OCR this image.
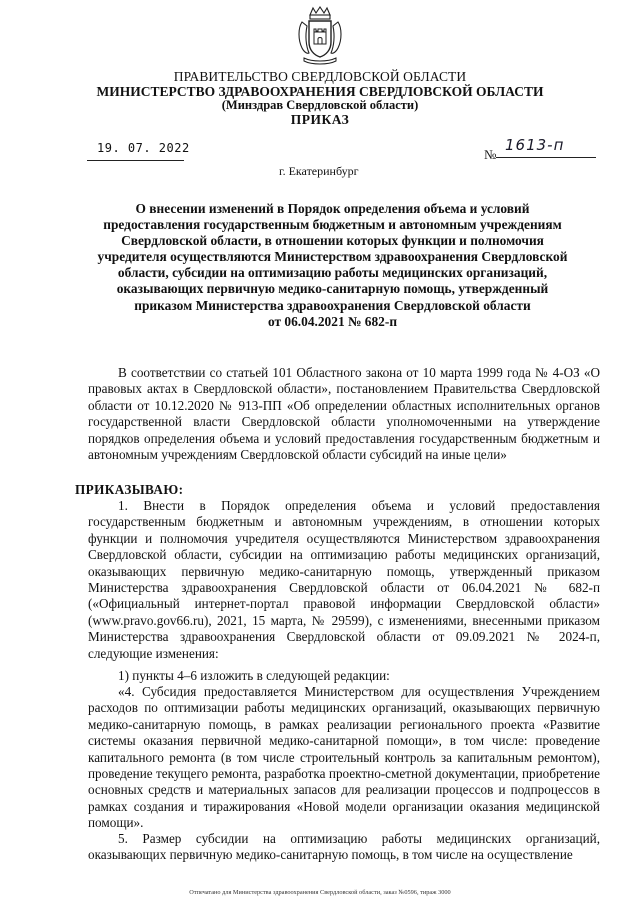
ПРАВИТЕЛЬСТВО СВЕРДЛОВСКОЙ ОБЛАСТИ
МИНИСТЕРСТВО ЗДРАВООХРАНЕНИЯ СВЕРДЛОВСКОЙ ОБЛАСТИ
(Минздрав Свердловской области)
ПРИКАЗ
19. 07. 2022
г. Екатеринбург
№
1613-п
О внесении изменений в Порядок определения объема и условий
предоставления государственным бюджетным и автономным учреждениям
Свердловской области, в отношении которых функции и полномочия
учредителя осуществляются Министерством здравоохранения Свердловской
области, субсидии на оптимизацию работы медицинских организаций,
оказывающих первичную медико-санитарную помощь, утвержденный
приказом Министерства здравоохранения Свердловской области
от 06.04.2021 № 682-п
В соответствии со статьей 101 Областного закона от 10 марта 1999 года № 4-ОЗ «О правовых актах в Свердловской области», постановлением Правительства Свердловской области от 10.12.2020 № 913-ПП «Об определении областных исполнительных органов государственной власти Свердловской области уполномоченными на утверждение порядков определения объема и условий предоставления государственным бюджетным и автономным учреждениям Свердловской области субсидий на иные цели»
ПРИКАЗЫВАЮ:
1. Внести в Порядок определения объема и условий предоставления государственным бюджетным и автономным учреждениям, в отношении которых функции и полномочия учредителя осуществляются Министерством здравоохранения Свердловской области, субсидии на оптимизацию работы медицинских организаций, оказывающих первичную медико-санитарную помощь, утвержденный приказом Министерства здравоохранения Свердловской области от 06.04.2021 № 682-п («Официальный интернет-портал правовой информации Свердловской области» (www.pravo.gov66.ru), 2021, 15 марта, № 29599), с изменениями, внесенными приказом Министерства здравоохранения Свердловской области от 09.09.2021 № 2024-п, следующие изменения:
1) пункты 4–6 изложить в следующей редакции:
«4. Субсидия предоставляется Министерством для осуществления Учреждением расходов по оптимизации работы медицинских организаций, оказывающих первичную медико-санитарную помощь, в рамках реализации регионального проекта «Развитие системы оказания первичной медико-санитарной помощи», в том числе: проведение капитального ремонта (в том числе строительный контроль за капитальным ремонтом), проведение текущего ремонта, разработка проектно-сметной документации, приобретение основных средств и материальных запасов для реализации процессов и подпроцессов в рамках создания и тиражирования «Новой модели организации оказания медицинской помощи».
5. Размер субсидии на оптимизацию работы медицинских организаций, оказывающих первичную медико-санитарную помощь, в том числе на осуществление
Отпечатано для Министерства здравоохранения Свердловской области, заказ №0596, тираж 3000
